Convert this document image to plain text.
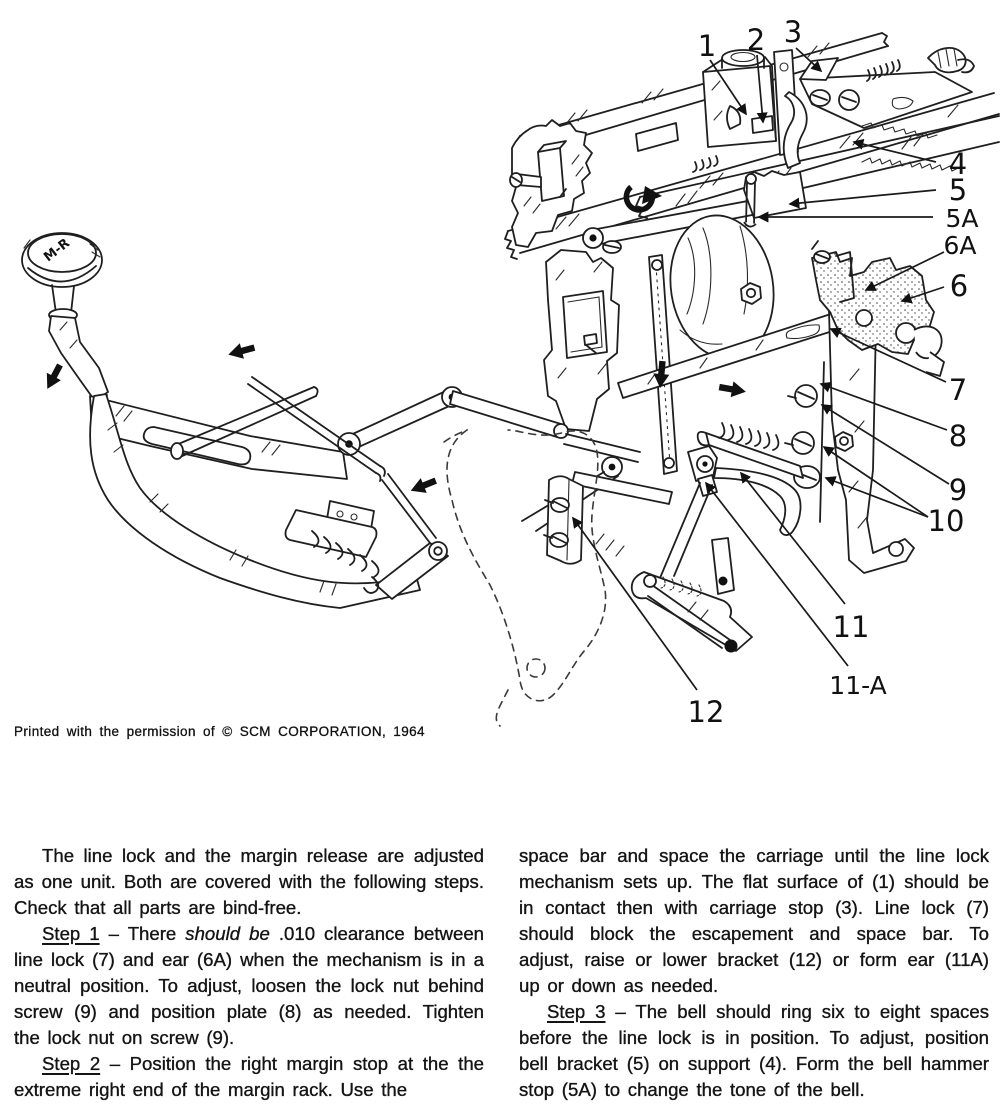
M-R
1 2 3
4
5
5A
6A
6
7
8
9
10
11
11-A
12
Printed with the permission of © SCM CORPORATION, 1964

The line lock and the margin release are adjusted as one unit. Both are covered with the following steps. Check that all parts are bind-free.

Step 1 – There should be .010 clearance between line lock (7) and ear (6A) when the mechanism is in a neutral position. To adjust, loosen the lock nut behind screw (9) and position plate (8) as needed. Tighten the lock nut on screw (9).

Step 2 – Position the right margin stop at the the extreme right end of the margin rack. Use the

space bar and space the carriage until the line lock mechanism sets up. The flat surface of (1) should be in contact then with carriage stop (3). Line lock (7) should block the escapement and space bar. To adjust, raise or lower bracket (12) or form ear (11A) up or down as needed.

Step 3 – The bell should ring six to eight spaces before the line lock is in position. To adjust, position bell bracket (5) on support (4). Form the bell hammer stop (5A) to change the tone of the bell.
